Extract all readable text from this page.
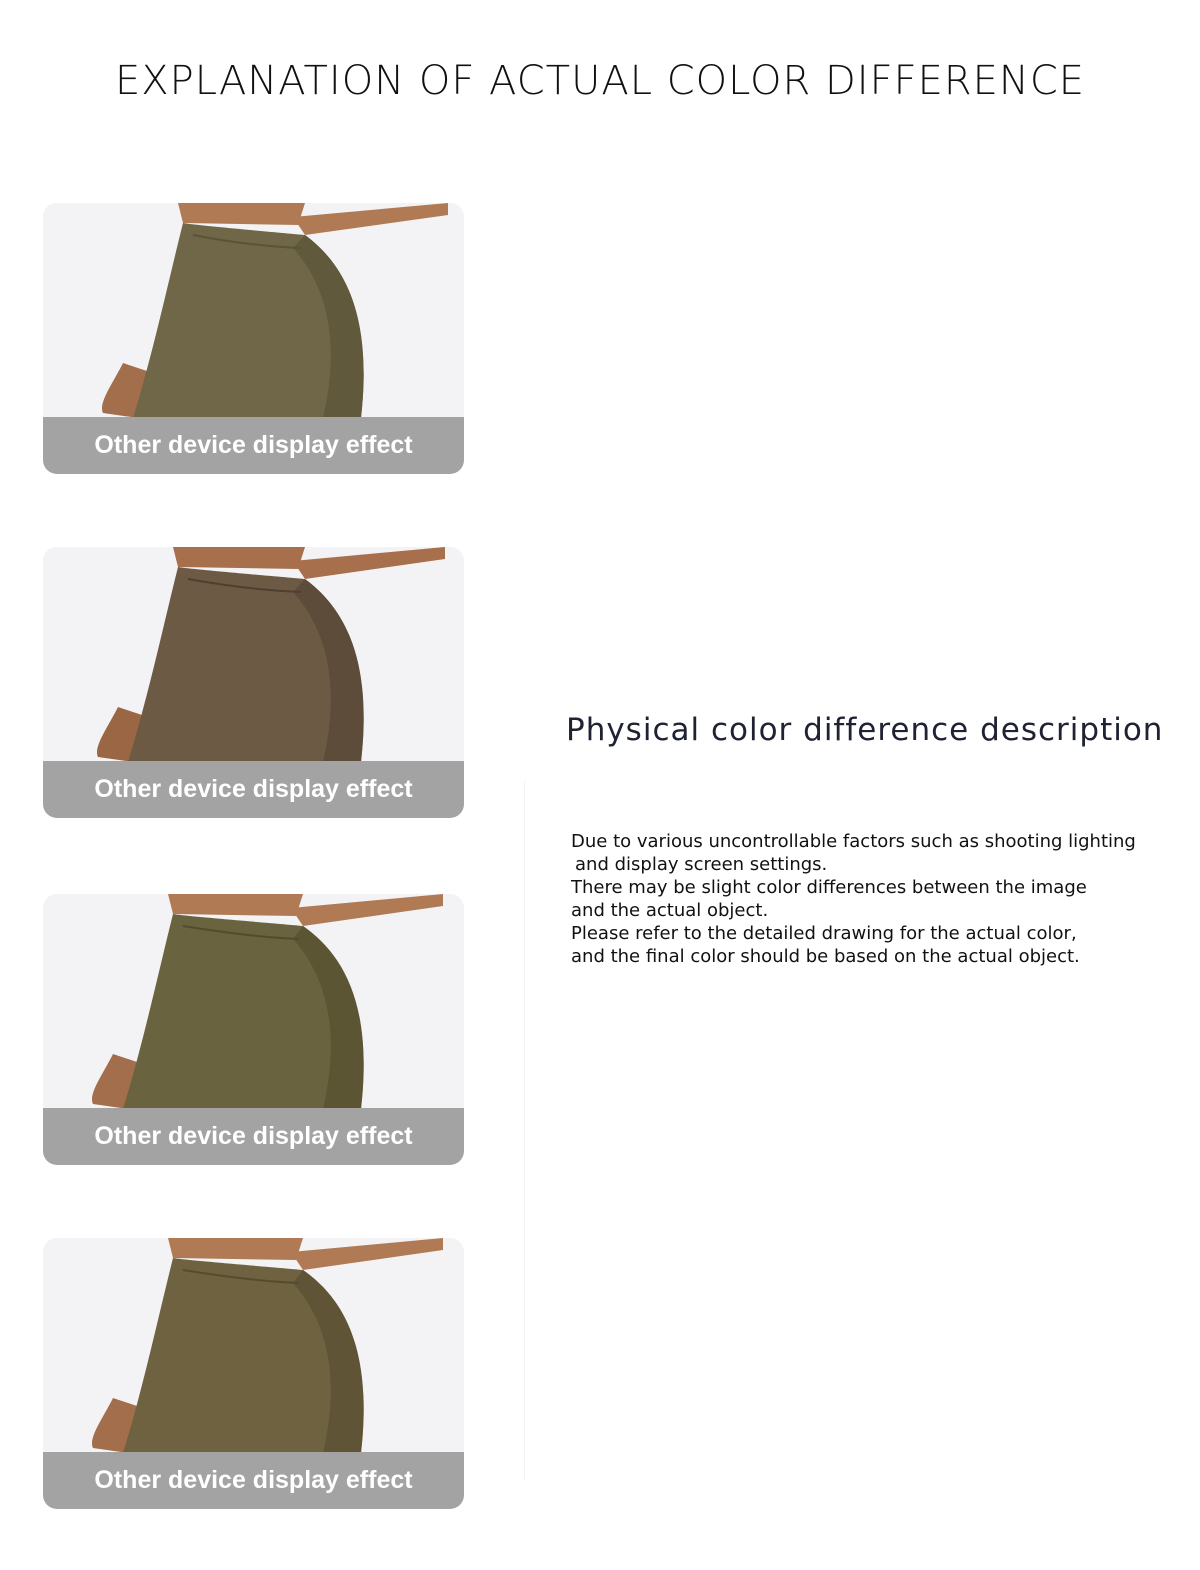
EXPLANATION OF ACTUAL COLOR DIFFERENCE
Other device display effect
Other device display effect
Other device display effect
Other device display effect
Physical color difference description
Due to various uncontrollable factors such as shooting lighting
and display screen settings.
There may be slight color differences between the image
and the actual object.
Please refer to the detailed drawing for the actual color,
and the final color should be based on the actual object.
